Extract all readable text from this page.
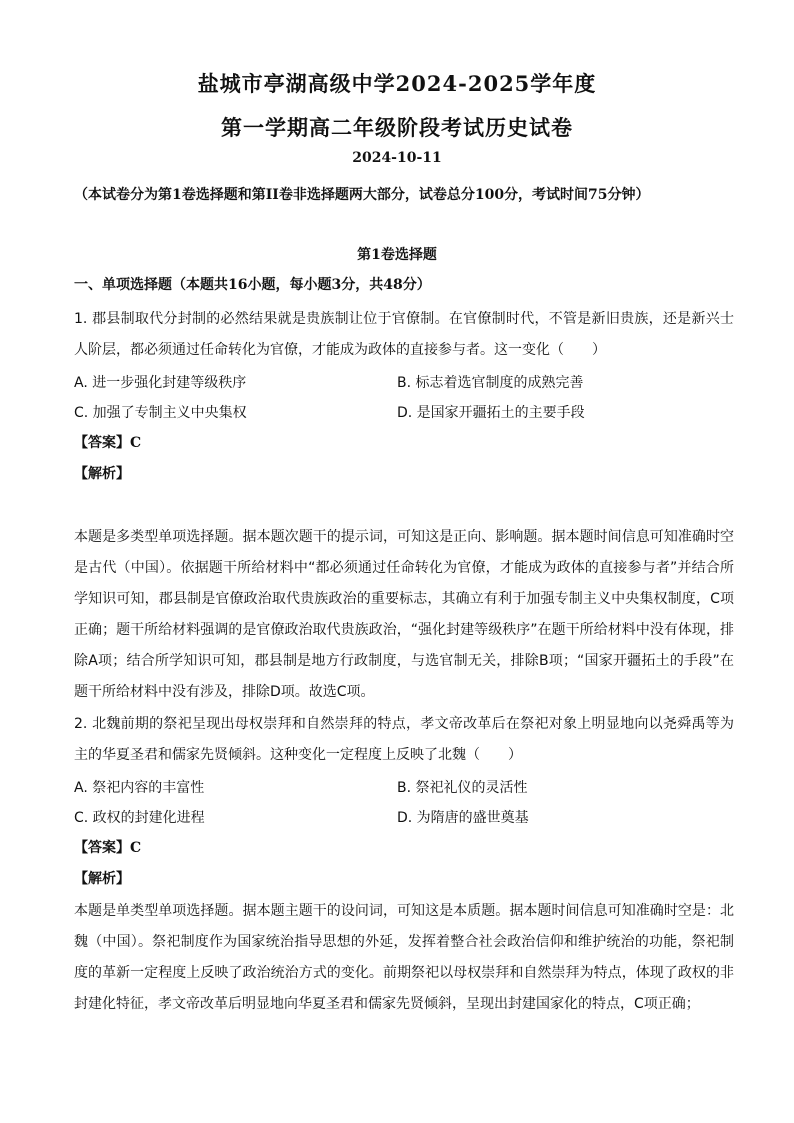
盐城市亭湖高级中学2024-2025学年度
第一学期高二年级阶段考试历史试卷
2024-10-11
（本试卷分为第1卷选择题和第II卷非选择题两大部分，试卷总分100分，考试时间75分钟）
第1卷选择题
一、单项选择题（本题共16小题，每小题3分，共48分）
1. 郡县制取代分封制的必然结果就是贵族制让位于官僚制。在官僚制时代，不管是新旧贵族，还是新兴士人阶层，都必须通过任命转化为官僚，才能成为政体的直接参与者。这一变化（　　）
A. 进一步强化封建等级秩序	B. 标志着选官制度的成熟完善
C. 加强了专制主义中央集权	D. 是国家开疆拓土的主要手段
【答案】C
【解析】
本题是多类型单项选择题。据本题次题干的提示词，可知这是正向、影响题。据本题时间信息可知准确时空是古代（中国）。依据题干所给材料中“都必须通过任命转化为官僚，才能成为政体的直接参与者”并结合所学知识可知，郡县制是官僚政治取代贵族政治的重要标志，其确立有利于加强专制主义中央集权制度，C项正确；题干所给材料强调的是官僚政治取代贵族政治，“强化封建等级秩序”在题干所给材料中没有体现，排除A项；结合所学知识可知，郡县制是地方行政制度，与选官制无关，排除B项；“国家开疆拓土的手段”在题干所给材料中没有涉及，排除D项。故选C项。
2. 北魏前期的祭祀呈现出母权崇拜和自然崇拜的特点，孝文帝改革后在祭祀对象上明显地向以尧舜禹等为主的华夏圣君和儒家先贤倾斜。这种变化一定程度上反映了北魏（　　）
A. 祭祀内容的丰富性	B. 祭祀礼仪的灵活性
C. 政权的封建化进程	D. 为隋唐的盛世奠基
【答案】C
【解析】
本题是单类型单项选择题。据本题主题干的设问词，可知这是本质题。据本题时间信息可知准确时空是：北魏（中国）。祭祀制度作为国家统治指导思想的外延，发挥着整合社会政治信仰和维护统治的功能，祭祀制度的革新一定程度上反映了政治统治方式的变化。前期祭祀以母权崇拜和自然崇拜为特点，体现了政权的非封建化特征，孝文帝改革后明显地向华夏圣君和儒家先贤倾斜，呈现出封建国家化的特点，C项正确；
